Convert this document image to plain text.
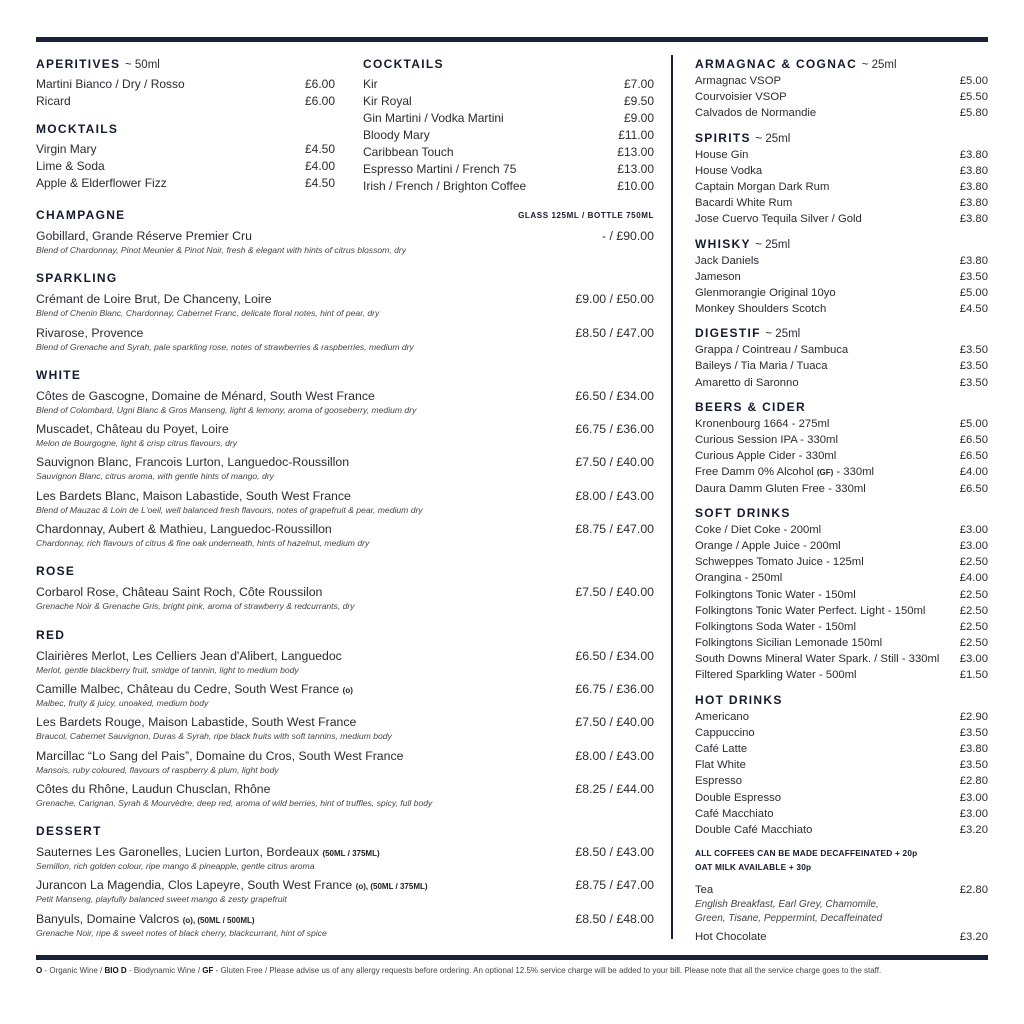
APERITIVES ~ 50ml
Martini Bianco / Dry / Rosso	£6.00
Ricard	£6.00
MOCKTAILS
Virgin Mary	£4.50
Lime & Soda	£4.00
Apple & Elderflower Fizz	£4.50
COCKTAILS
Kir	£7.00
Kir Royal	£9.50
Gin Martini / Vodka Martini	£9.00
Bloody Mary	£11.00
Caribbean Touch	£13.00
Espresso Martini / French 75	£13.00
Irish / French / Brighton Coffee	£10.00
CHAMPAGNE	GLASS 125ML / BOTTLE 750ML
Gobillard, Grande Réserve Premier Cru	- / £90.00
Blend of Chardonnay, Pinot Meunier & Pinot Noir, fresh & elegant with hints of citrus blossom, dry
SPARKLING
Crémant de Loire Brut, De Chanceny, Loire	£9.00 / £50.00
Blend of Chenin Blanc, Chardonnay, Cabernet Franc, delicate floral notes, hint of pear, dry
Rivarose, Provence	£8.50 / £47.00
Blend of Grenache and Syrah, pale sparkling rose, notes of strawberries & raspberries, medium dry
WHITE
Côtes de Gascogne, Domaine de Ménard, South West France	£6.50 / £34.00
Blend of Colombard, Ugni Blanc & Gros Manseng, light & lemony, aroma of gooseberry, medium dry
Muscadet, Château du Poyet, Loire	£6.75 / £36.00
Melon de Bourgogne, light & crisp citrus flavours, dry
Sauvignon Blanc, Francois Lurton, Languedoc-Roussillon	£7.50 / £40.00
Sauvignon Blanc, citrus aroma, with gentle hints of mango, dry
Les Bardets Blanc, Maison Labastide, South West France	£8.00 / £43.00
Blend of Mauzac & Loin de L'oeil, well balanced fresh flavours, notes of grapefruit & pear, medium dry
Chardonnay, Aubert & Mathieu, Languedoc-Roussillon	£8.75 / £47.00
Chardonnay, rich flavours of citrus & fine oak underneath, hints of hazelnut, medium dry
ROSE
Corbarol Rose, Château Saint Roch, Côte Roussilon	£7.50 / £40.00
Grenache Noir & Grenache Gris, bright pink, aroma of strawberry & redcurrants, dry
RED
Clairières Merlot, Les Celliers Jean d'Alibert, Languedoc	£6.50 / £34.00
Merlot, gentle blackberry fruit, smidge of tannin, light to medium body
Camille Malbec, Château du Cedre, South West France (o)	£6.75 / £36.00
Malbec, fruity & juicy, unoaked, medium body
Les Bardets Rouge, Maison Labastide, South West France	£7.50 / £40.00
Braucol, Cabernet Sauvignon, Duras & Syrah, ripe black fruits with soft tannins, medium body
Marcillac “Lo Sang del Pais”, Domaine du Cros, South West France	£8.00 / £43.00
Mansois, ruby coloured, flavours of raspberry & plum, light body
Côtes du Rhône, Laudun Chusclan, Rhône	£8.25 / £44.00
Grenache, Carignan, Syrah & Mourvèdre, deep red, aroma of wild berries, hint of truffles, spicy, full body
DESSERT
Sauternes Les Garonelles, Lucien Lurton, Bordeaux (50ML / 375ML)	£8.50 / £43.00
Semillon, rich golden colour, ripe mango & pineapple, gentle citrus aroma
Jurancon La Magendia, Clos Lapeyre, South West France (o), (50ML / 375ML)	£8.75 / £47.00
Petit Manseng, playfully balanced sweet mango & zesty grapefruit
Banyuls, Domaine Valcros (o), (50ML / 500ML)	£8.50 / £48.00
Grenache Noir, ripe & sweet notes of black cherry, blackcurrant, hint of spice
ARMAGNAC & COGNAC ~ 25ml
Armagnac VSOP	£5.00
Courvoisier VSOP	£5.50
Calvados de Normandie	£5.80
SPIRITS ~ 25ml
House Gin	£3.80
House Vodka	£3.80
Captain Morgan Dark Rum	£3.80
Bacardi White Rum	£3.80
Jose Cuervo Tequila Silver / Gold	£3.80
WHISKY ~ 25ml
Jack Daniels	£3.80
Jameson	£3.50
Glenmorangie Original 10yo	£5.00
Monkey Shoulders Scotch	£4.50
DIGESTIF ~ 25ml
Grappa / Cointreau / Sambuca	£3.50
Baileys / Tia Maria / Tuaca	£3.50
Amaretto di Saronno	£3.50
BEERS & CIDER
Kronenbourg 1664 - 275ml	£5.00
Curious Session IPA - 330ml	£6.50
Curious Apple Cider - 330ml	£6.50
Free Damm 0% Alcohol (GF) - 330ml	£4.00
Daura Damm Gluten Free - 330ml	£6.50
SOFT DRINKS
Coke / Diet Coke - 200ml	£3.00
Orange / Apple Juice - 200ml	£3.00
Schweppes Tomato Juice - 125ml	£2.50
Orangina - 250ml	£4.00
Folkingtons Tonic Water - 150ml	£2.50
Folkingtons Tonic Water Perfect. Light - 150ml	£2.50
Folkingtons Soda Water - 150ml	£2.50
Folkingtons Sicilian Lemonade 150ml	£2.50
South Downs Mineral Water Spark. / Still - 330ml £3.00
Filtered Sparkling Water - 500ml	£1.50
HOT DRINKS
Americano	£2.90
Cappuccino	£3.50
Café Latte	£3.80
Flat White	£3.50
Espresso	£2.80
Double Espresso	£3.00
Café Macchiato	£3.00
Double Café Macchiato	£3.20
ALL COFFEES CAN BE MADE DECAFFEINATED + 20p
OAT MILK AVAILABLE + 30p
Tea	£2.80
English Breakfast, Earl Grey, Chamomile, Green, Tisane, Peppermint, Decaffeinated
Hot Chocolate	£3.20
O - Organic Wine / BIO D - Biodynamic Wine / GF - Gluten Free / Please advise us of any allergy requests before ordering. An optional 12.5% service charge will be added to your bill. Please note that all the service charge goes to the staff.
